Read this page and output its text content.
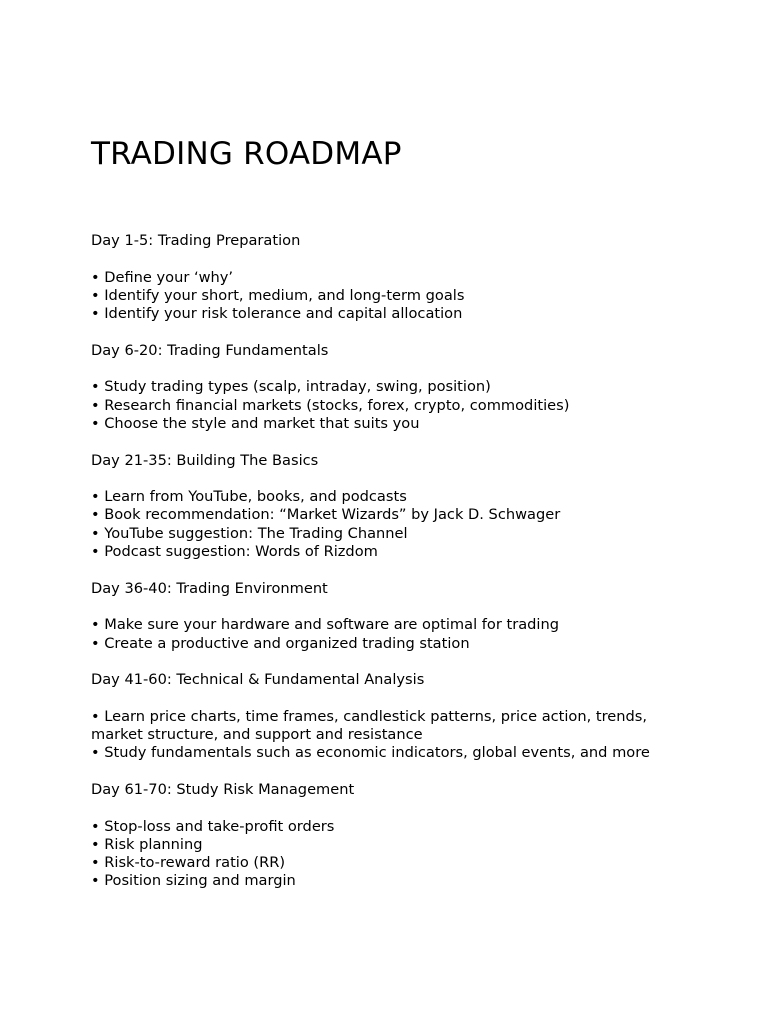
TRADING ROADMAP

Day 1-5: Trading Preparation

• Define your ‘why’
• Identify your short, medium, and long-term goals
• Identify your risk tolerance and capital allocation

Day 6-20: Trading Fundamentals

• Study trading types (scalp, intraday, swing, position)
• Research financial markets (stocks, forex, crypto, commodities)
• Choose the style and market that suits you

Day 21-35: Building The Basics

• Learn from YouTube, books, and podcasts
• Book recommendation: “Market Wizards” by Jack D. Schwager
• YouTube suggestion: The Trading Channel
• Podcast suggestion: Words of Rizdom

Day 36-40: Trading Environment

• Make sure your hardware and software are optimal for trading
• Create a productive and organized trading station

Day 41-60: Technical & Fundamental Analysis

• Learn price charts, time frames, candlestick patterns, price action, trends, market structure, and support and resistance
• Study fundamentals such as economic indicators, global events, and more

Day 61-70: Study Risk Management

• Stop-loss and take-profit orders
• Risk planning
• Risk-to-reward ratio (RR)
• Position sizing and margin
